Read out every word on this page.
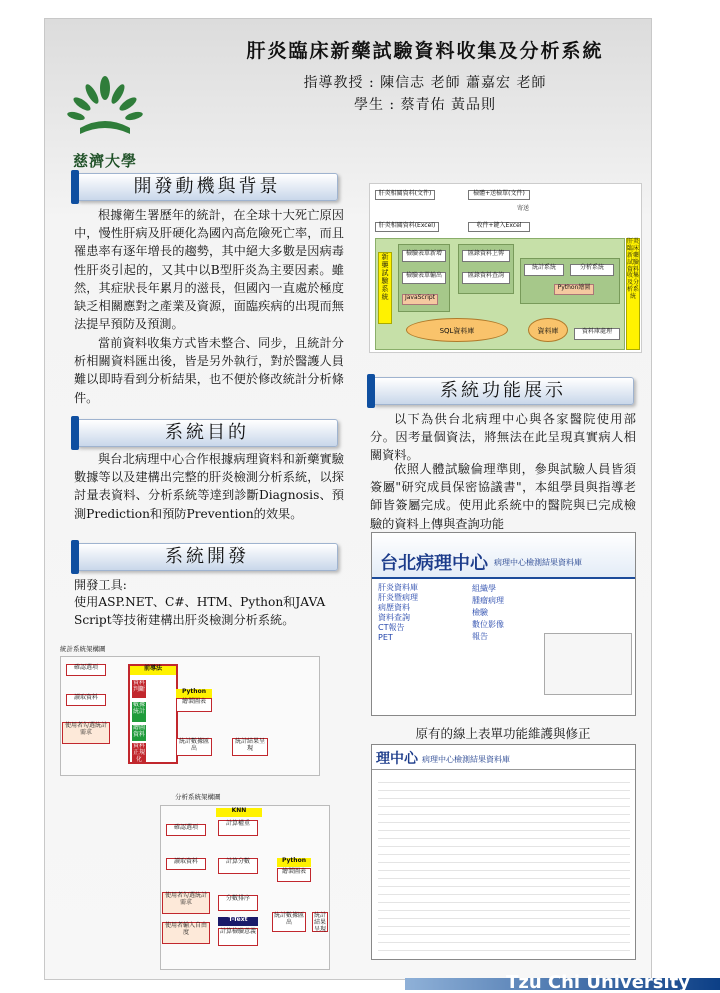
慈濟大學
肝炎臨床新藥試驗資料收集及分析系統
指導教授 : 陳信志 老師 蕭嘉宏 老師
學生 : 蔡青佑 黃品則
開發動機與背景
根據衛生署歷年的統計，在全球十大死亡原因中，慢性肝病及肝硬化為國內高危險死亡率，而且罹患率有逐年增長的趨勢，其中絕大多數是因病毒性肝炎引起的，又其中以B型肝炎為主要因素。雖然，其症狀長年累月的滋長，但國內一直處於極度缺乏相關應對之產業及資源，面臨疾病的出現而無法提早預防及預測。
當前資料收集方式皆未整合、同步，且統計分析相關資料匯出後，皆是另外執行，對於醫護人員難以即時看到分析結果，也不便於修改統計分析條件。
系統目的
與台北病理中心合作根據病理資料和新藥實驗數據等以及建構出完整的肝炎檢測分析系統，以探討量表資料、分析系統等達到診斷Diagnosis、預測Prediction和預防Prevention的效果。
系統開發
開發工具:
使用ASP.NET、C#、HTM、Python和JAVA Script等技術建構出肝炎檢測分析系統。
統計系統架構圖
前導法
資料判斷
數據統計
繪圖資料
資料正規化
確認選項
讀取資料
使用者勾選統計需求
Python
繪製圖表
統計數據匯出
統計結果呈現
分析系統架構圖
KNN
計算權重
計算分數
分數排序
確認選項
讀取資料
使用者勾選統計需求
使用者輸入自由度
T-Text
計算檢驗意義
Python
繪製圖表
統計數據匯出
統計結果呈現
肝炎相關資料(文件)	檢體+送檢單(文件)
寄送
肝炎相關資料(Excel)	收件+鍵入Excel
新藥試驗系統
肝炎臨床新藥試驗資料收集及分析系統
檢驗表單新增
檢驗表單輸出
JavaScript
匯錄資料上傳
匯錄資料查詢
統計系統	分析系統
Python繪圖
SQL資料庫	資料庫	資料庫處理
系統功能展示
以下為供台北病理中心與各家醫院使用部分。因考量個資法，將無法在此呈現真實病人相關資料。
依照人體試驗倫理準則，參與試驗人員皆須簽屬"研究成員保密協議書"，本組學員與指導老師皆簽屬完成。使用此系統中的醫院與已完成檢驗的資料上傳與查詢功能
台北病理中心 病理中心檢測結果資料庫
肝炎資料庫
肝炎暨病理
病歷資料
資料查詢
CT報告
PET
組織學
腫瘤病理
檢驗
數位影像
報告
原有的線上表單功能維護與修正
理中心 病理中心檢測結果資料庫
Tzu Chi University
